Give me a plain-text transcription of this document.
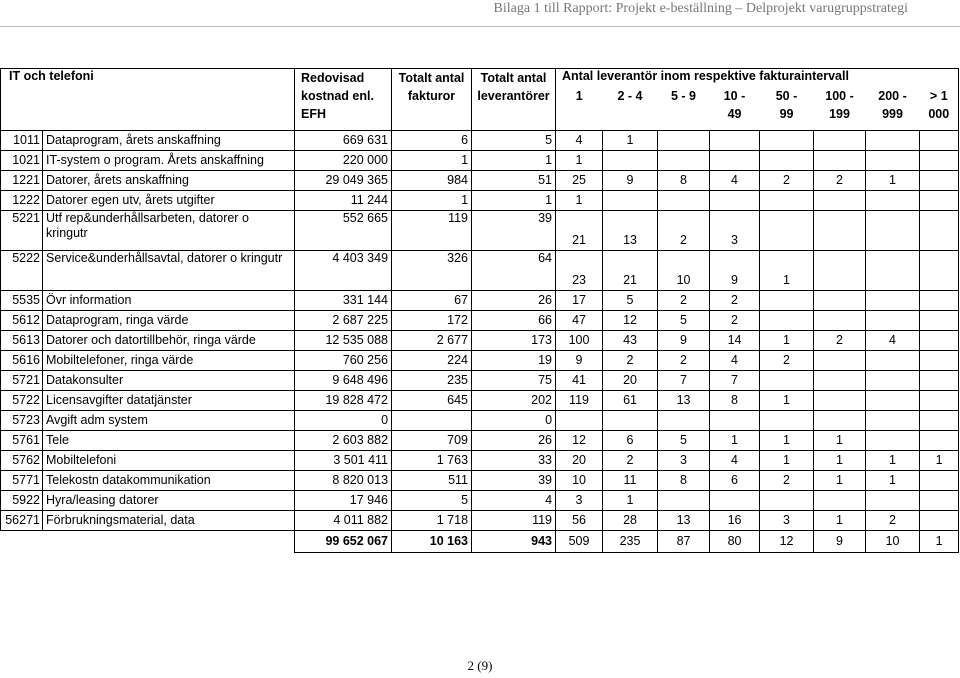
Bilaga 1 till Rapport: Projekt e-beställning – Delprojekt varugruppstrategi
IT och telefoni		Redovisad kostnad enl. EFH	Totalt antal fakturor	Totalt antal leverantörer	Antal leverantör inom respektive fakturaintervall							
					1	2 - 4	5 - 9	10 - 49	50 - 99	100 - 199	200 - 999	> 1 000
1011	Dataprogram, årets anskaffning	669 631	6	5	4	1						
1021	IT-system o program. Årets anskaffning	220 000	1	1	1							
1221	Datorer, årets anskaffning	29 049 365	984	51	25	9	8	4	2	2	1	
1222	Datorer egen utv, årets utgifter	11 244	1	1	1							
5221	Utf rep&underhållsarbeten, datorer o kringutr	552 665	119	39	21	13	2	3				
5222	Service&underhållsavtal, datorer o kringutr	4 403 349	326	64	23	21	10	9	1			
5535	Övr information	331 144	67	26	17	5	2	2				
5612	Dataprogram, ringa värde	2 687 225	172	66	47	12	5	2				
5613	Datorer och datortillbehör, ringa värde	12 535 088	2 677	173	100	43	9	14	1	2	4	
5616	Mobiltelefoner, ringa värde	760 256	224	19	9	2	2	4	2			
5721	Datakonsulter	9 648 496	235	75	41	20	7	7				
5722	Licensavgifter datatjänster	19 828 472	645	202	119	61	13	8	1			
5723	Avgift adm system	0		0								
5761	Tele	2 603 882	709	26	12	6	5	1	1	1		
5762	Mobiltelefoni	3 501 411	1 763	33	20	2	3	4	1	1	1	1
5771	Telekostn datakommunikation	8 820 013	511	39	10	11	8	6	2	1	1	
5922	Hyra/leasing datorer	17 946	5	4	3	1						
56271	Förbrukningsmaterial, data	4 011 882	1 718	119	56	28	13	16	3	1	2	
		99 652 067	10 163	943	509	235	87	80	12	9	10	1
2 (9)
